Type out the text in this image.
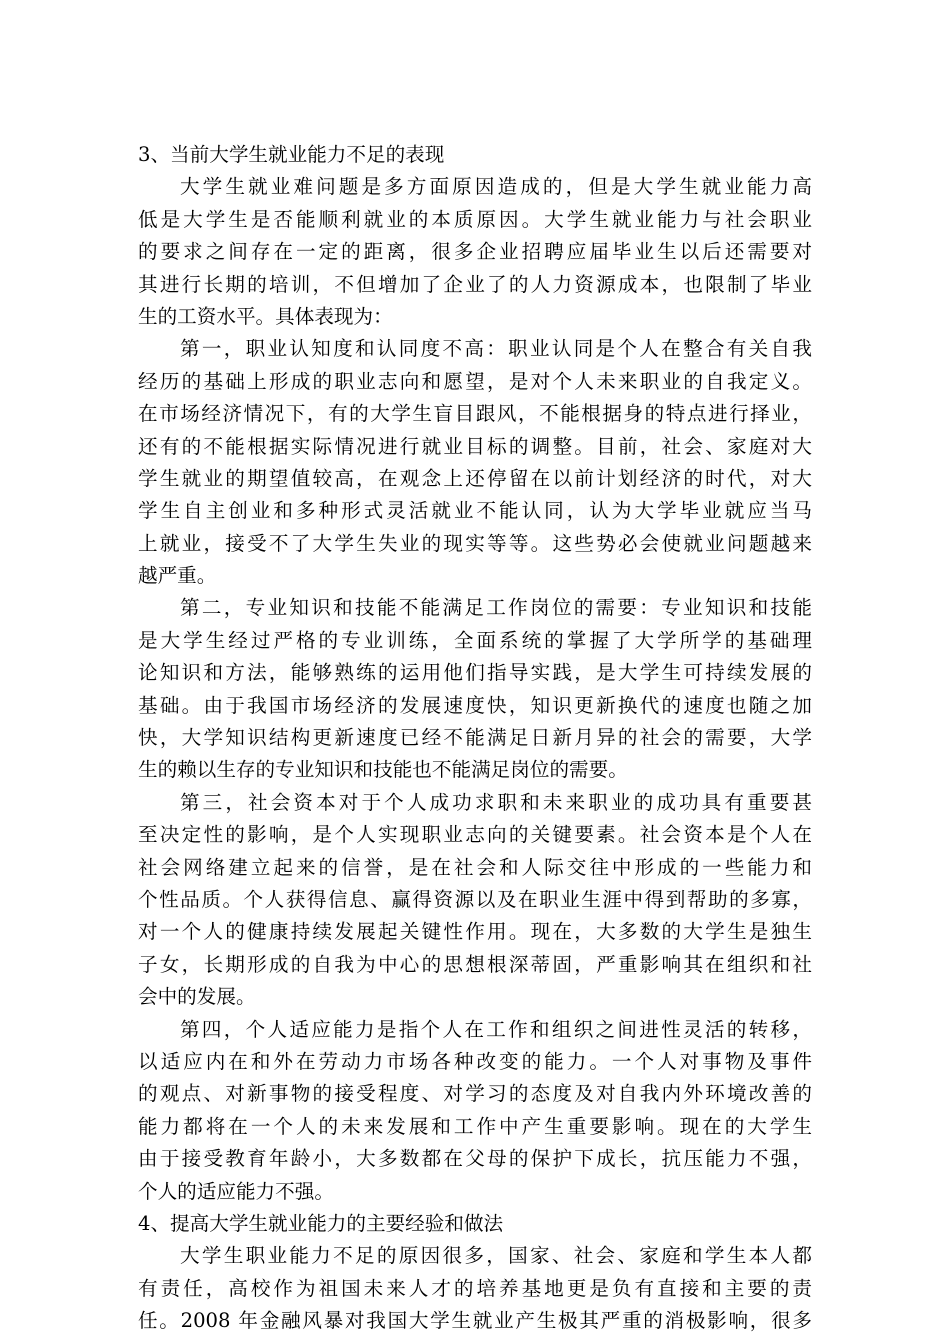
3、当前大学生就业能力不足的表现
大学生就业难问题是多方面原因造成的，但是大学生就业能力高
低是大学生是否能顺利就业的本质原因。大学生就业能力与社会职业
的要求之间存在一定的距离，很多企业招聘应届毕业生以后还需要对
其进行长期的培训，不但增加了企业了的人力资源成本，也限制了毕业
生的工资水平。具体表现为：
第一，职业认知度和认同度不高：职业认同是个人在整合有关自我
经历的基础上形成的职业志向和愿望，是对个人未来职业的自我定义。
在市场经济情况下，有的大学生盲目跟风，不能根据身的特点进行择业，
还有的不能根据实际情况进行就业目标的调整。目前，社会、家庭对大
学生就业的期望值较高，在观念上还停留在以前计划经济的时代，对大
学生自主创业和多种形式灵活就业不能认同，认为大学毕业就应当马
上就业，接受不了大学生失业的现实等等。这些势必会使就业问题越来
越严重。
第二，专业知识和技能不能满足工作岗位的需要：专业知识和技能
是大学生经过严格的专业训练，全面系统的掌握了大学所学的基础理
论知识和方法，能够熟练的运用他们指导实践，是大学生可持续发展的
基础。由于我国市场经济的发展速度快，知识更新换代的速度也随之加
快，大学知识结构更新速度已经不能满足日新月异的社会的需要，大学
生的赖以生存的专业知识和技能也不能满足岗位的需要。
第三，社会资本对于个人成功求职和未来职业的成功具有重要甚
至决定性的影响，是个人实现职业志向的关键要素。社会资本是个人在
社会网络建立起来的信誉，是在社会和人际交往中形成的一些能力和
个性品质。个人获得信息、赢得资源以及在职业生涯中得到帮助的多寡，
对一个人的健康持续发展起关键性作用。现在，大多数的大学生是独生
子女，长期形成的自我为中心的思想根深蒂固，严重影响其在组织和社
会中的发展。
第四，个人适应能力是指个人在工作和组织之间进性灵活的转移，
以适应内在和外在劳动力市场各种改变的能力。一个人对事物及事件
的观点、对新事物的接受程度、对学习的态度及对自我内外环境改善的
能力都将在一个人的未来发展和工作中产生重要影响。现在的大学生
由于接受教育年龄小，大多数都在父母的保护下成长，抗压能力不强，
个人的适应能力不强。
4、提高大学生就业能力的主要经验和做法
大学生职业能力不足的原因很多，国家、社会、家庭和学生本人都
有责任，高校作为祖国未来人才的培养基地更是负有直接和主要的责
任。2008 年金融风暴对我国大学生就业产生极其严重的消极影响，很多
